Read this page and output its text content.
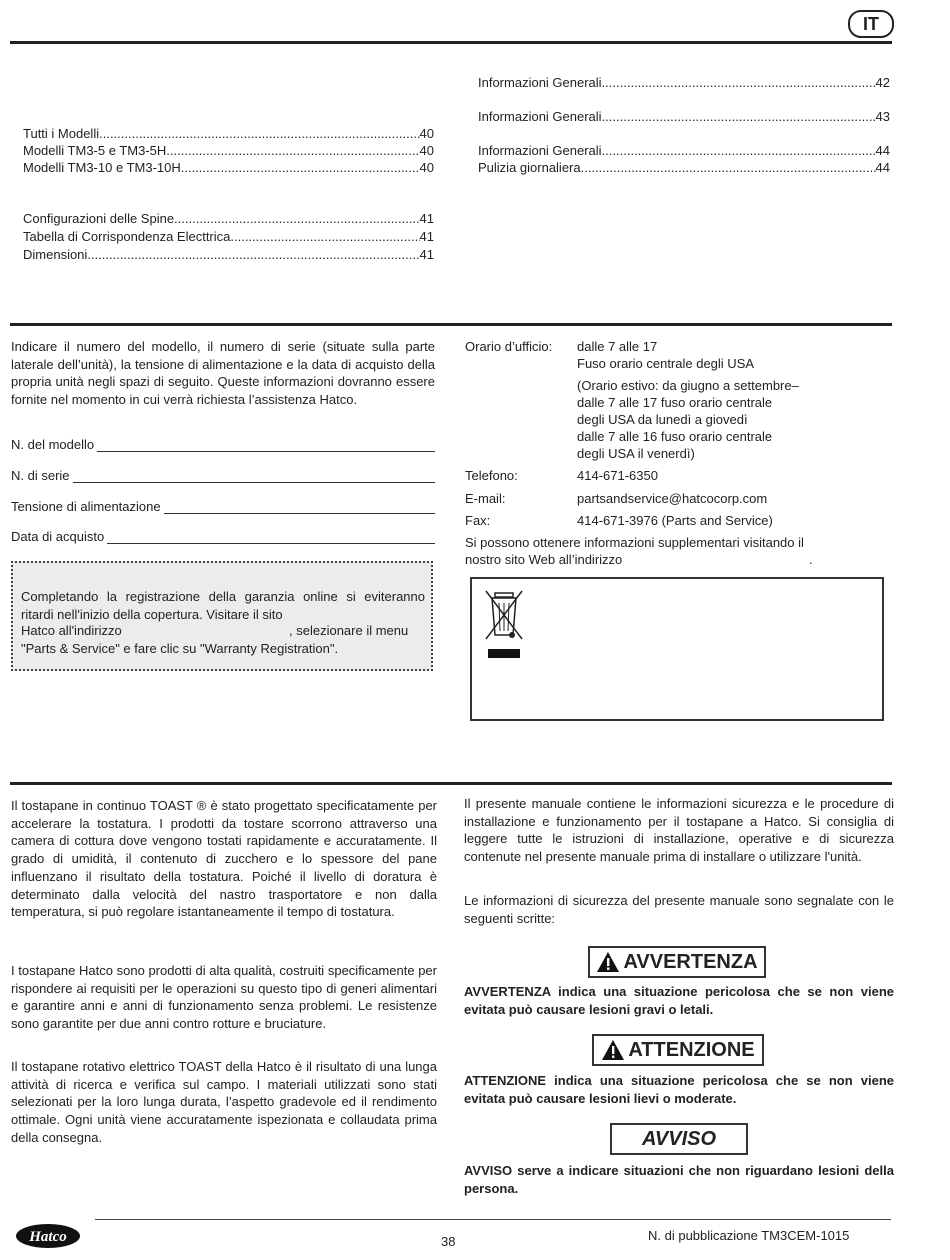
IT
Tutti i Modelli .....	40
Modelli TM3-5 e TM3-5H .....	40
Modelli TM3-10 e TM3-10H .....	40
Configurazioni delle Spine .....	41
Tabella di Corrispondenza Electtrica .....	41
Dimensioni .....	41
Informazioni Generali .....	42
Informazioni Generali .....	43
Informazioni Generali .....	44
Pulizia giornaliera .....	44
Indicare il numero del modello, il numero di serie (situate sulla parte laterale dell’unità), la tensione di alimentazione e la data di acquisto della propria unità negli spazi di seguito. Queste informazioni dovranno essere fornite nel momento in cui verrà richiesta l’assistenza Hatco.
N. del modello
N. di serie
Tensione di alimentazione
Data di acquisto
Completando la registrazione della garanzia online si eviteranno ritardi nell'inizio della copertura. Visitare il sito
Hatco all'indirizzo	, selezionare il menu
"Parts & Service" e fare clic su "Warranty Registration".
Orario d’ufficio: dalle 7 alle 17
Fuso orario centrale degli USA
(Orario estivo: da giugno a settembre–
dalle 7 alle 17 fuso orario centrale
degli USA da lunedì a giovedì
dalle 7 alle 16 fuso orario centrale
degli USA il venerdì)
Telefono:	414-671-6350
E-mail:	partsandservice@hatcocorp.com
Fax:	414-671-3976 (Parts and Service)
Si possono ottenere informazioni supplementari visitando il
nostro sito Web all’indirizzo	.
Il tostapane in continuo TOAST ® è stato progettato specificatamente per accelerare la tostatura. I prodotti da tostare scorrono attraverso una camera di cottura dove vengono tostati rapidamente e accuratamente. Il grado di umidità, il contenuto di zucchero e lo spessore del pane influenzano il risultato della tostatura. Poiché il livello di doratura è determinato dalla velocità del nastro trasportatore e non dalla temperatura, si può regolare istantaneamente il tempo di tostatura.
I tostapane Hatco sono prodotti di alta qualità, costruiti specificamente per rispondere ai requisiti per le operazioni su questo tipo di generi alimentari e garantire anni e anni di funzionamento senza problemi. Le resistenze sono garantite per due anni contro rotture e bruciature.
Il tostapane rotativo elettrico TOAST della Hatco è il risultato di una lunga attività di ricerca e verifica sul campo. I materiali utilizzati sono stati selezionati per la loro lunga durata, l’aspetto gradevole ed il rendimento ottimale. Ogni unità viene accuratamente ispezionata e collaudata prima della consegna.
Il presente manuale contiene le informazioni sicurezza e le procedure di installazione e funzionamento per il tostapane a Hatco. Si consiglia di leggere tutte le istruzioni di installazione, operative e di sicurezza contenute nel presente manuale prima di installare o utilizzare l'unità.
Le informazioni di sicurezza del presente manuale sono segnalate con le seguenti scritte:
AVVERTENZA
AVVERTENZA indica una situazione pericolosa che se non viene evitata può causare lesioni gravi o letali.
ATTENZIONE
ATTENZIONE indica una situazione pericolosa che se non viene evitata può causare lesioni lievi o moderate.
AVVISO
AVVISO serve a indicare situazioni che non riguardano lesioni della persona.
Hatco	38	N. di pubblicazione TM3CEM-1015
